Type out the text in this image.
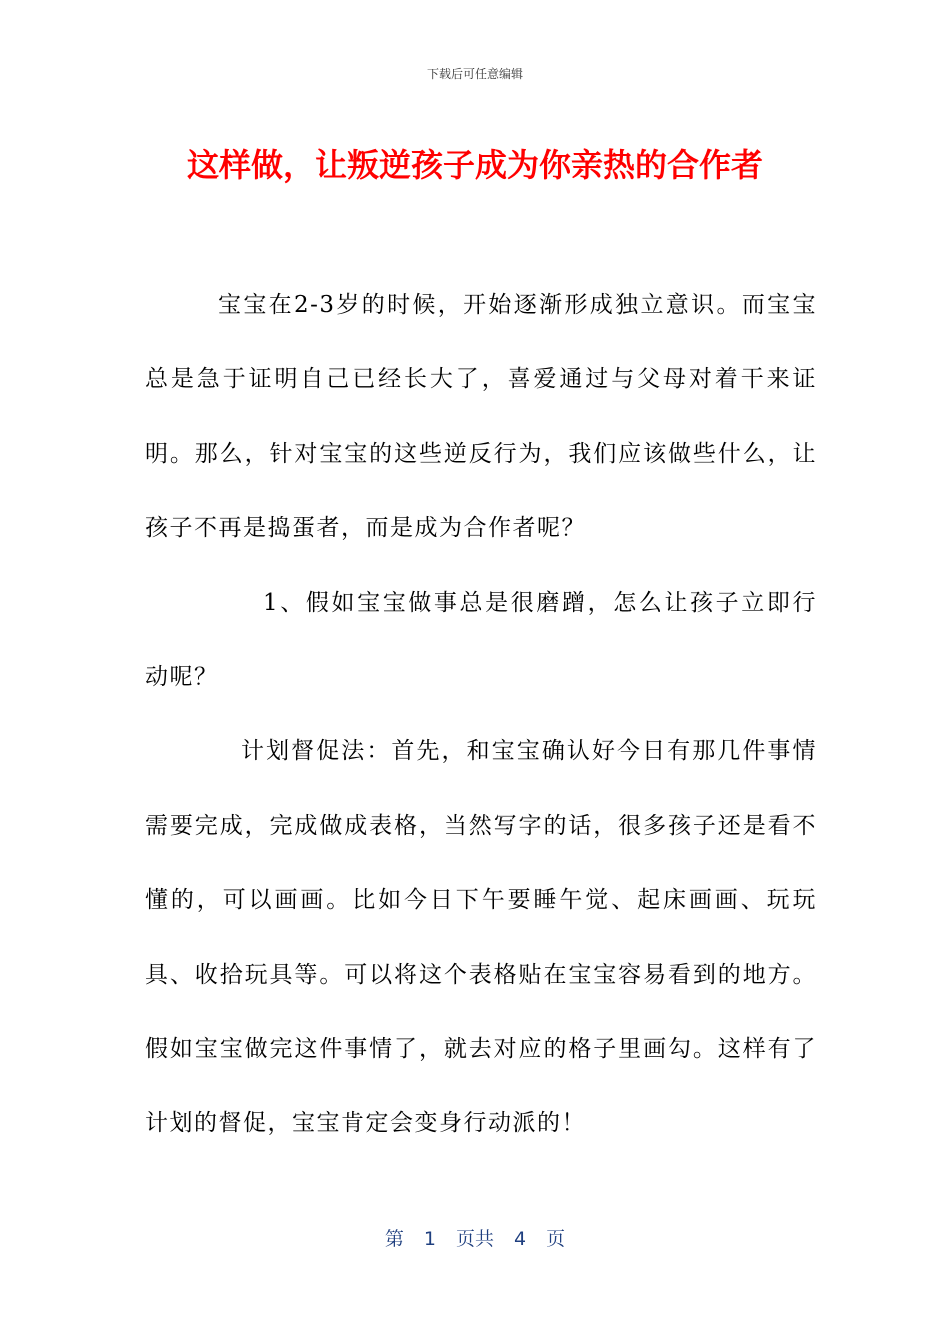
下载后可任意编辑
这样做，让叛逆孩子成为你亲热的合作者

宝宝在2-3岁的时候，开始逐渐形成独立意识。而宝宝总是急于证明自己已经长大了，喜爱通过与父母对着干来证明。那么，针对宝宝的这些逆反行为，我们应该做些什么，让孩子不再是捣蛋者，而是成为合作者呢？

1、假如宝宝做事总是很磨蹭，怎么让孩子立即行动呢？

计划督促法：首先，和宝宝确认好今日有那几件事情需要完成，完成做成表格，当然写字的话，很多孩子还是看不懂的，可以画画。比如今日下午要睡午觉、起床画画、玩玩具、收拾玩具等。可以将这个表格贴在宝宝容易看到的地方。假如宝宝做完这件事情了，就去对应的格子里画勾。这样有了计划的督促，宝宝肯定会变身行动派的！

第 1 页共 4 页
